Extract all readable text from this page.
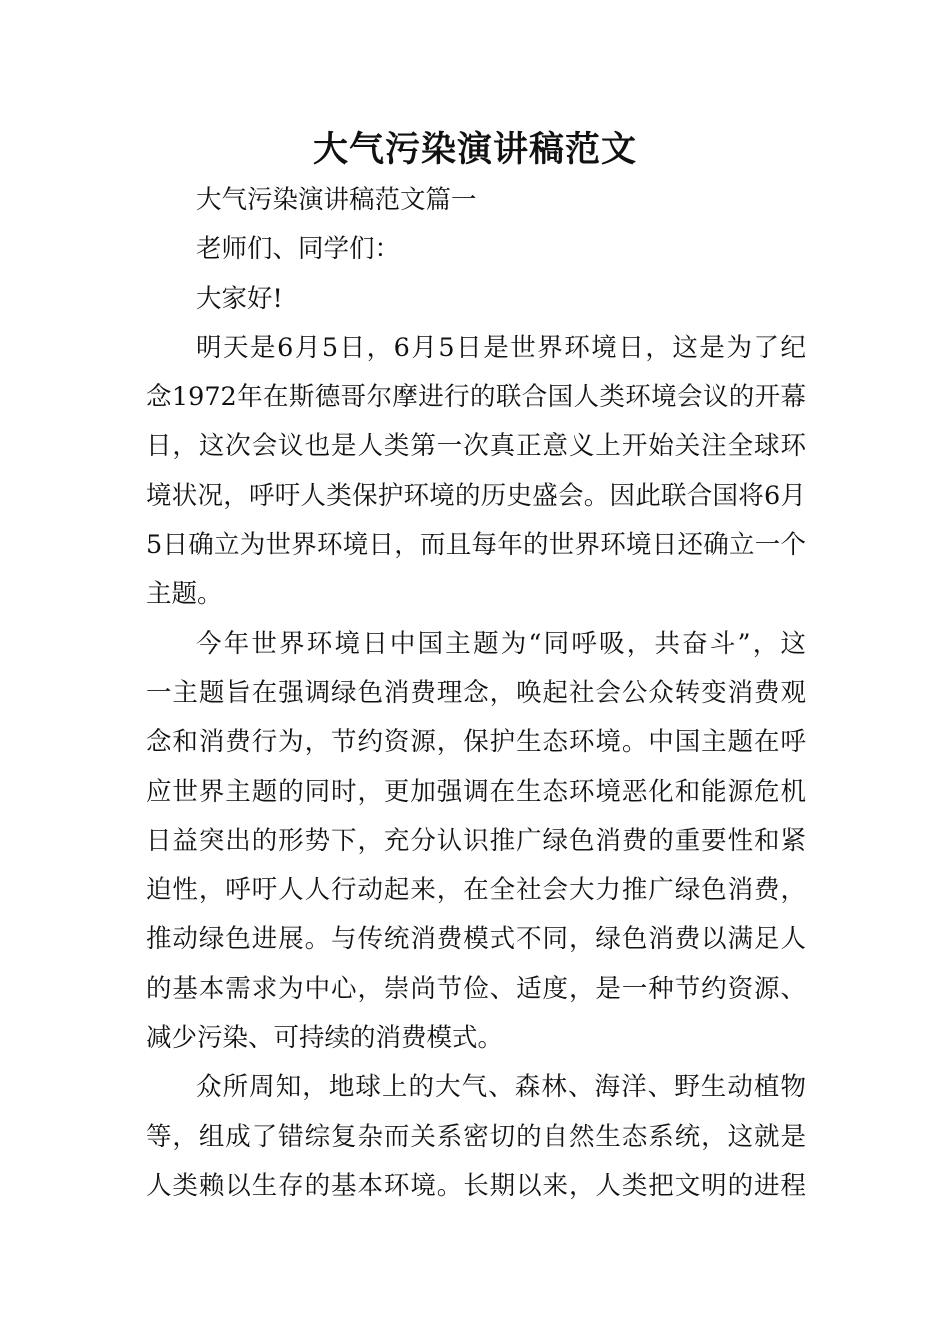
大气污染演讲稿范文
大气污染演讲稿范文篇一
老师们、同学们：
大家好!
明天是6月5日，6月5日是世界环境日，这是为了纪
念1972年在斯德哥尔摩进行的联合国人类环境会议的开幕
日，这次会议也是人类第一次真正意义上开始关注全球环
境状况，呼吁人类保护环境的历史盛会。因此联合国将6月
5日确立为世界环境日，而且每年的世界环境日还确立一个
主题。
今年世界环境日中国主题为“同呼吸，共奋斗”，这
一主题旨在强调绿色消费理念，唤起社会公众转变消费观
念和消费行为，节约资源，保护生态环境。中国主题在呼
应世界主题的同时，更加强调在生态环境恶化和能源危机
日益突出的形势下，充分认识推广绿色消费的重要性和紧
迫性，呼吁人人行动起来，在全社会大力推广绿色消费，
推动绿色进展。与传统消费模式不同，绿色消费以满足人
的基本需求为中心，崇尚节俭、适度，是一种节约资源、
减少污染、可持续的消费模式。
众所周知，地球上的大气、森林、海洋、野生动植物
等，组成了错综复杂而关系密切的自然生态系统，这就是
人类赖以生存的基本环境。长期以来，人类把文明的进程
